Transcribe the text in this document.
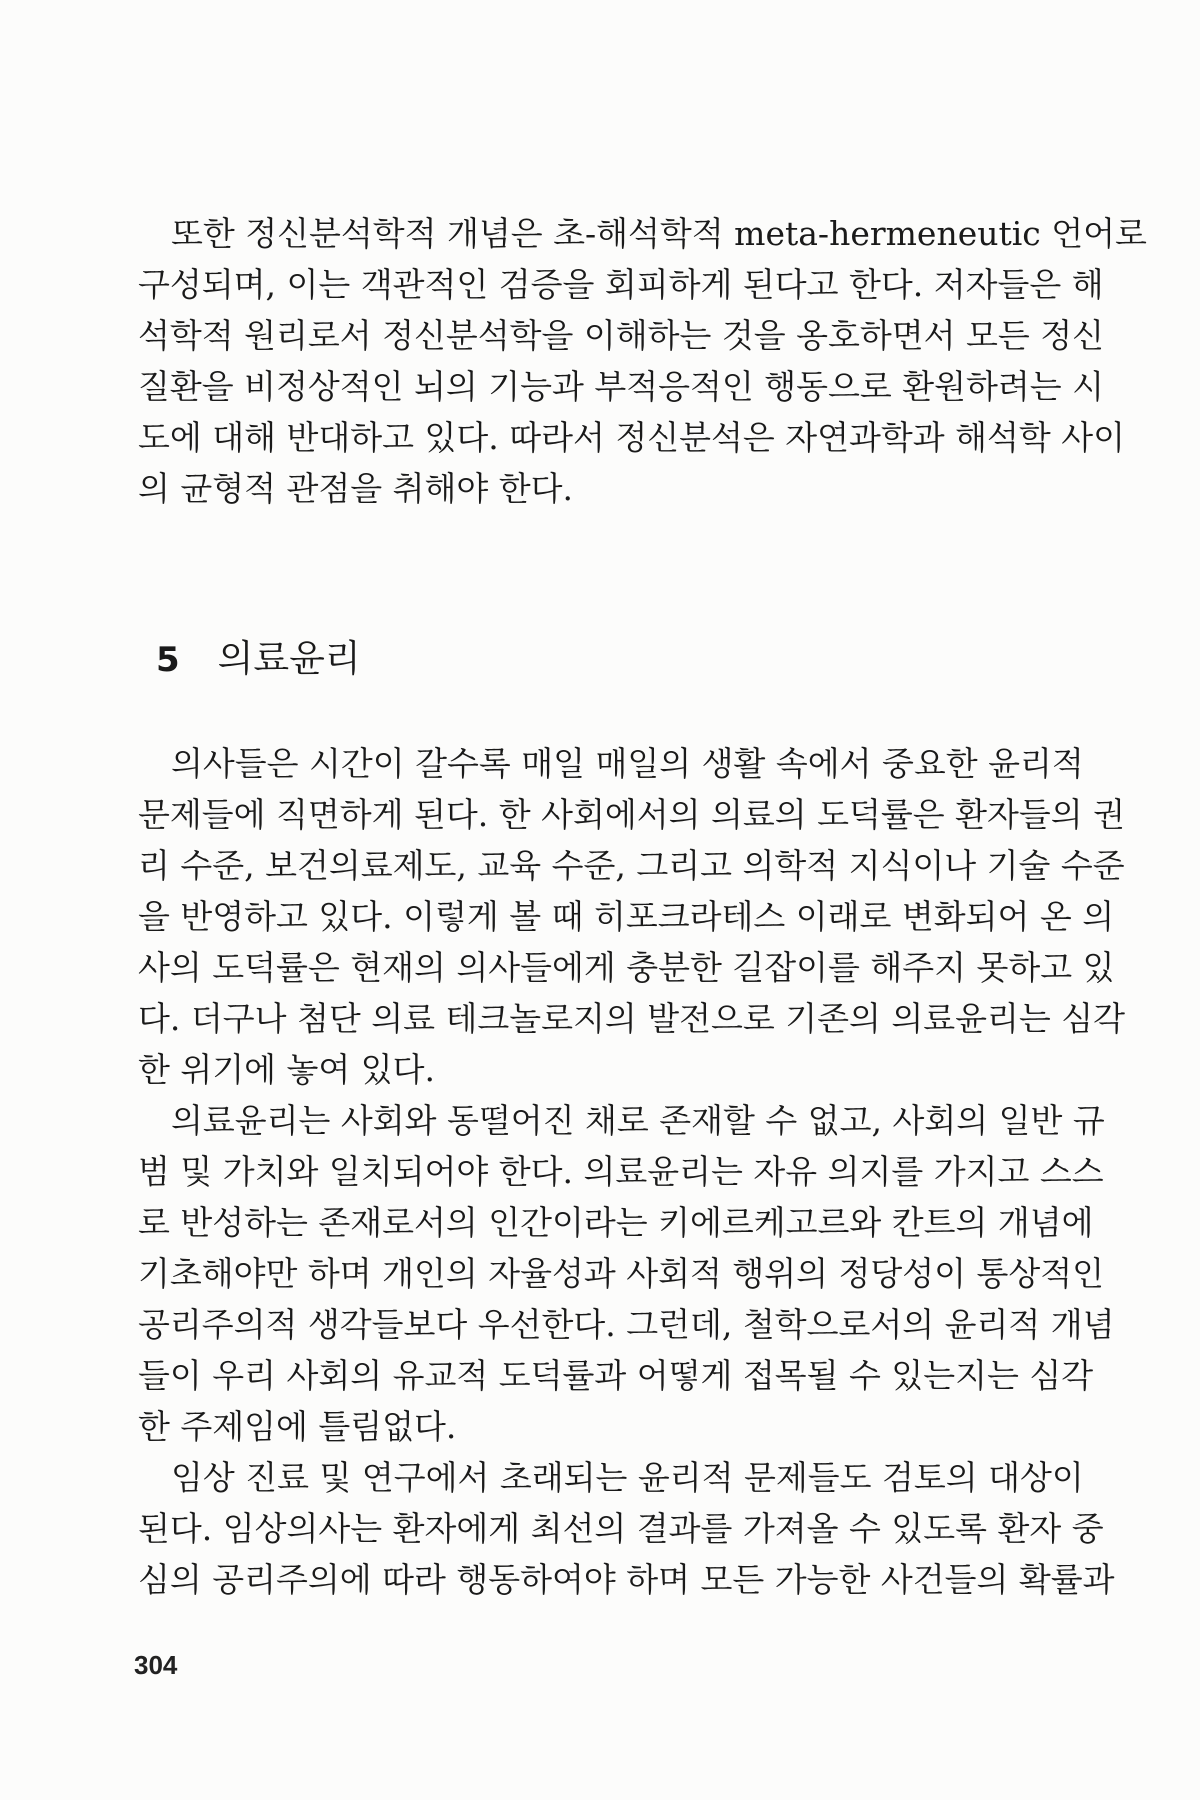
또한 정신분석학적 개념은 초-해석학적 meta-hermeneutic 언어로
구성되며, 이는 객관적인 검증을 회피하게 된다고 한다. 저자들은 해
석학적 원리로서 정신분석학을 이해하는 것을 옹호하면서 모든 정신
질환을 비정상적인 뇌의 기능과 부적응적인 행동으로 환원하려는 시
도에 대해 반대하고 있다. 따라서 정신분석은 자연과학과 해석학 사이
의 균형적 관점을 취해야 한다.
5 의료윤리
의사들은 시간이 갈수록 매일 매일의 생활 속에서 중요한 윤리적
문제들에 직면하게 된다. 한 사회에서의 의료의 도덕률은 환자들의 권
리 수준, 보건의료제도, 교육 수준, 그리고 의학적 지식이나 기술 수준
을 반영하고 있다. 이렇게 볼 때 히포크라테스 이래로 변화되어 온 의
사의 도덕률은 현재의 의사들에게 충분한 길잡이를 해주지 못하고 있
다. 더구나 첨단 의료 테크놀로지의 발전으로 기존의 의료윤리는 심각
한 위기에 놓여 있다.
의료윤리는 사회와 동떨어진 채로 존재할 수 없고, 사회의 일반 규
범 및 가치와 일치되어야 한다. 의료윤리는 자유 의지를 가지고 스스
로 반성하는 존재로서의 인간이라는 키에르케고르와 칸트의 개념에
기초해야만 하며 개인의 자율성과 사회적 행위의 정당성이 통상적인
공리주의적 생각들보다 우선한다. 그런데, 철학으로서의 윤리적 개념
들이 우리 사회의 유교적 도덕률과 어떻게 접목될 수 있는지는 심각
한 주제임에 틀림없다.
임상 진료 및 연구에서 초래되는 윤리적 문제들도 검토의 대상이
된다. 임상의사는 환자에게 최선의 결과를 가져올 수 있도록 환자 중
심의 공리주의에 따라 행동하여야 하며 모든 가능한 사건들의 확률과
304
